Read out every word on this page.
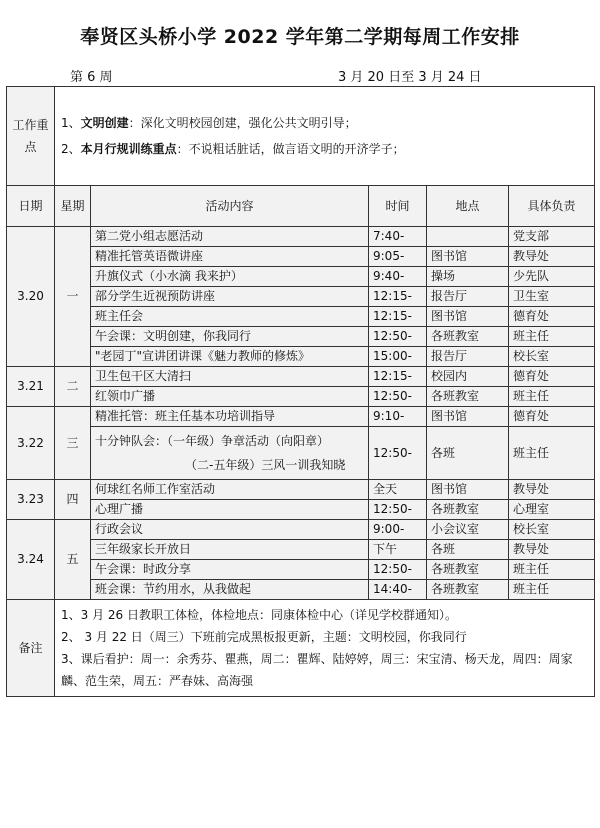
奉贤区头桥小学 2022 学年第二学期每周工作安排
第 6 周	3 月 20 日至 3 月 24 日
工作重点	1、文明创建：深化文明校园创建，强化公共文明引导；
2、本月行规训练重点：不说粗话脏话，做言语文明的开济学子；				

日期	星期	活动内容	时间	地点	具体负责
3.20	一	第二党小组志愿活动	7:40-		党支部
		精准托管英语微讲座	9:05-	图书馆	教导处
		升旗仪式（小水滴 我来护）	9:40-	操场	少先队
		部分学生近视预防讲座	12:15-	报告厅	卫生室
		班主任会	12:15-	图书馆	德育处
		午会课：文明创建，你我同行	12:50-	各班教室	班主任
		"老园丁"宣讲团讲课《魅力教师的修炼》	15:00-	报告厅	校长室
3.21	二	卫生包干区大清扫	12:15-	校园内	德育处
		红领巾广播	12:50-	各班教室	班主任
3.22	三	精准托管：班主任基本功培训指导	9:10-	图书馆	德育处

		十分钟队会：（一年级）争章活动（向阳章）
（二-五年级）三风一训我知晓	12:50-	各班	班主任
3.23	四	何球红名师工作室活动	全天	图书馆	教导处
		心理广播	12:50-	各班教室	心理室
3.24	五	行政会议	9:00-	小会议室	校长室
		三年级家长开放日	下午	各班	教导处
		午会课：时政分享	12:50-	各班教室	班主任
		班会课：节约用水，从我做起	14:40-	各班教室	班主任
备注	1、3 月 26 日教职工体检，体检地点：同康体检中心（详见学校群通知）。
2、 3 月 22 日（周三）下班前完成黑板报更新，主题：文明校园，你我同行
3、课后看护：周一：余秀芬、瞿燕，周二：瞿辉、陆婷婷，周三：宋宝清、杨天龙，周四：周家麟、范生荣，周五：严春妹、高海强				
